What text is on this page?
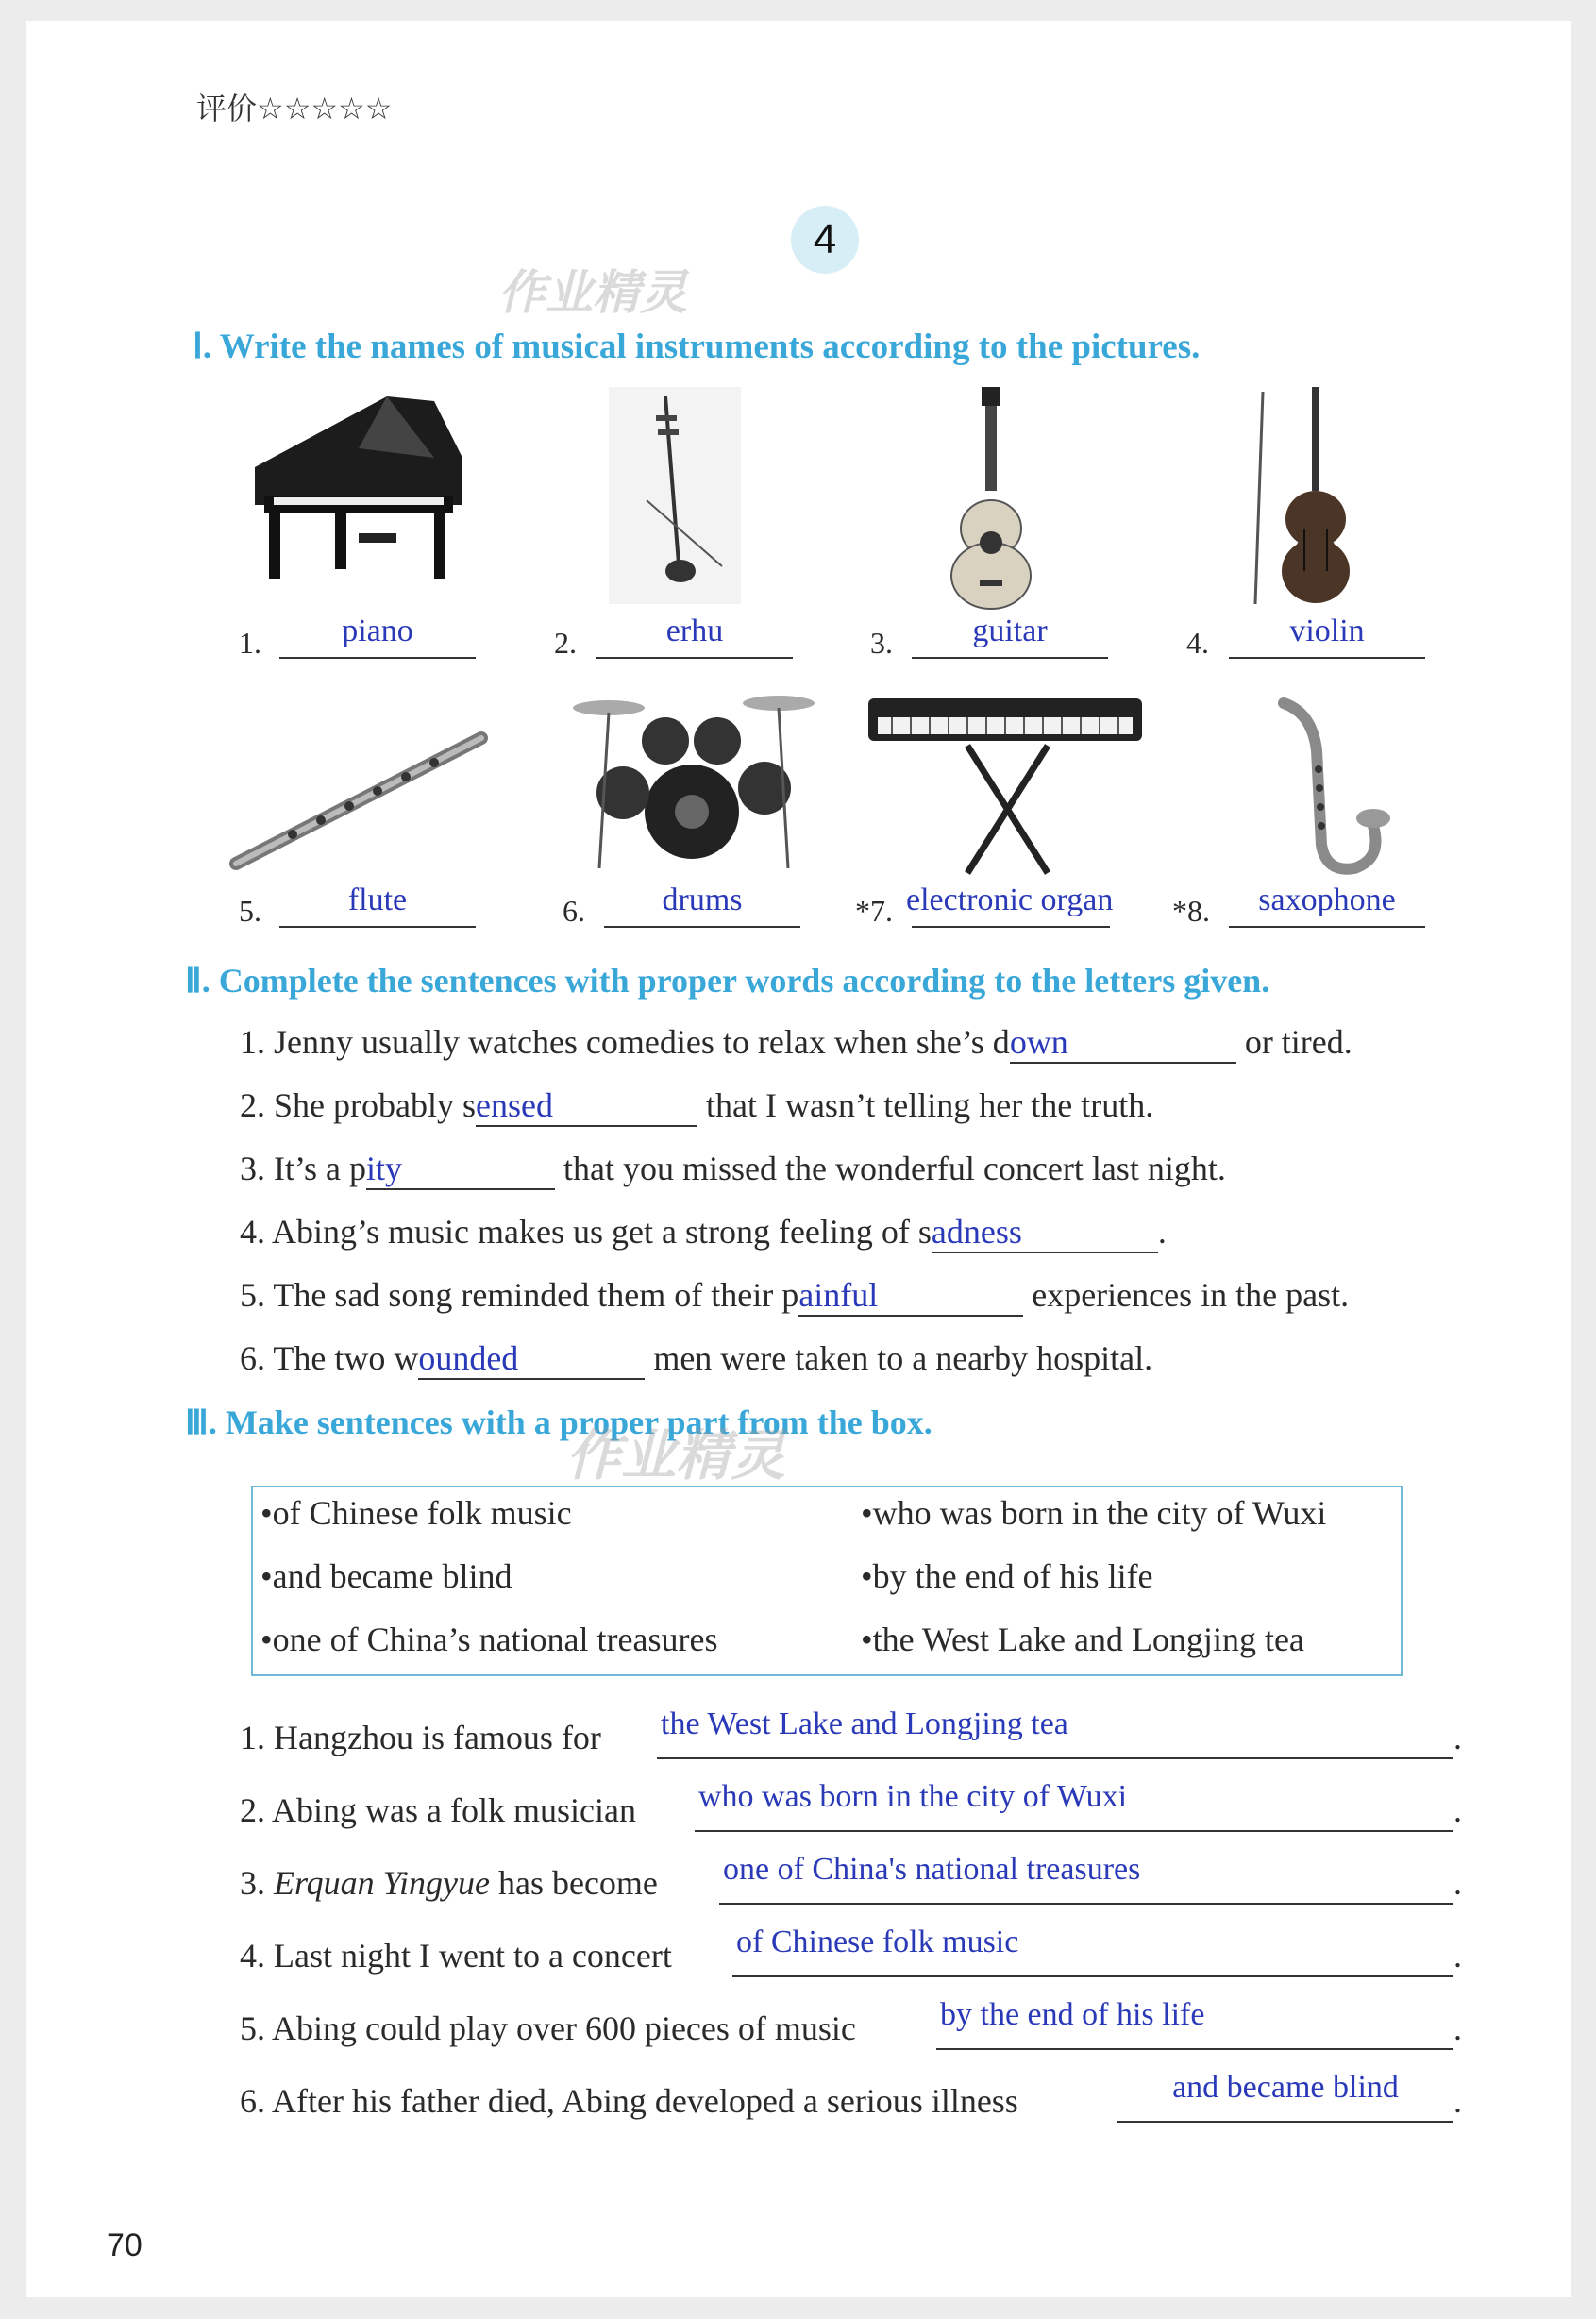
评价☆☆☆☆☆
4
作业精灵
Ⅰ. Write the names of musical instruments according to the pictures.
1.	piano	2.	erhu	3.	guitar	4.	violin
5.	flute	6.	drums	*7. electronic organ	*8.	saxophone
Ⅱ. Complete the sentences with proper words according to the letters given.
1. Jenny usually watches comedies to relax when she’s down	or tired.
2. She probably sensed	that I wasn’t telling her the truth.
3. It’s a pity	that you missed the wonderful concert last night.
4. Abing’s music makes us get a strong feeling of sadness	.
5. The sad song reminded them of their painful	experiences in the past.
6. The two wounded	men were taken to a nearby hospital.
Ⅲ. Make sentences with a proper part from the box.
作业精灵
•of Chinese folk music	•who was born in the city of Wuxi
•and became blind	•by the end of his life
•one of China’s national treasures	•the West Lake and Longjing tea
1. Hangzhou is famous for the West Lake and Longjing tea	.
2. Abing was a folk musician who was born in the city of Wuxi	.
3. Erquan Yingyue has become one of China's national treasures	.
4. Last night I went to a concert of Chinese folk music	.
5. Abing could play over 600 pieces of music	by the end of his life	.
6. After his father died, Abing developed a serious illness	and became blind	.
70
